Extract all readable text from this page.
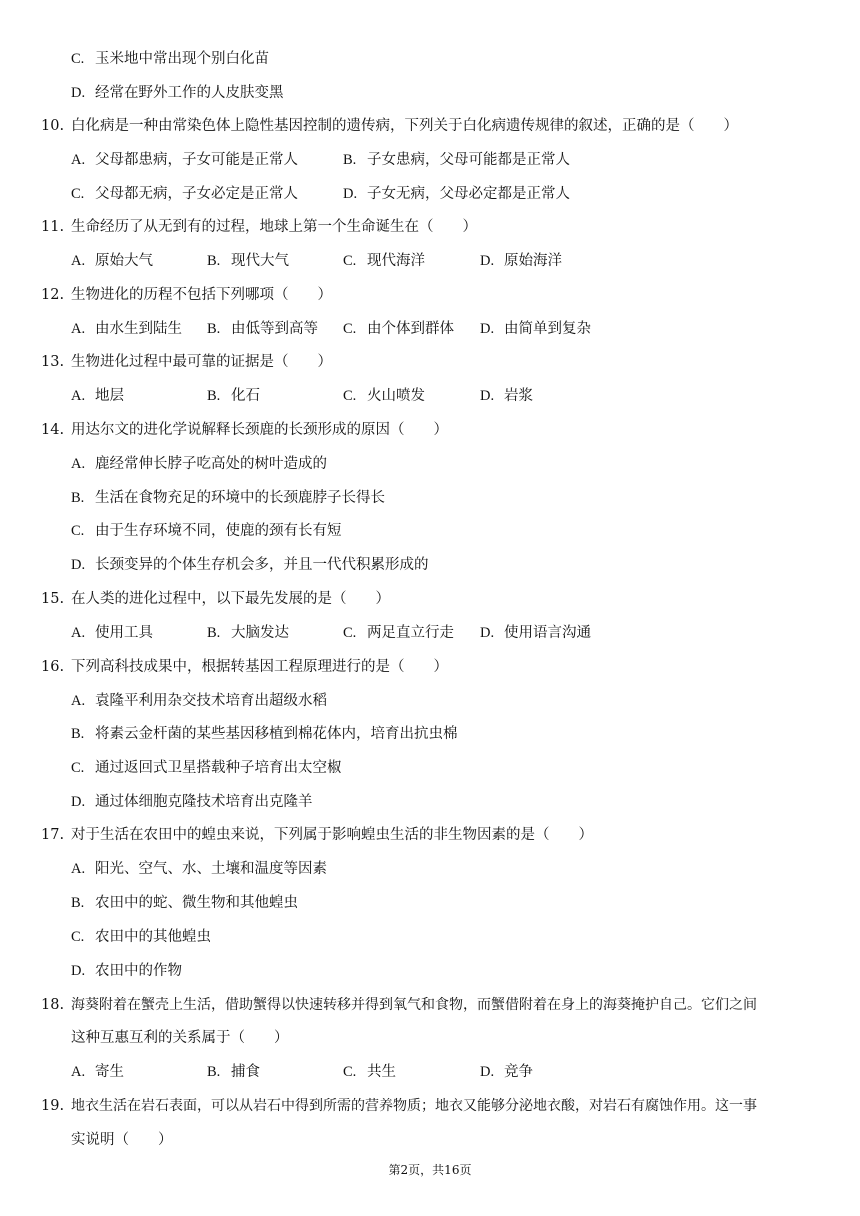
C. 玉米地中常出现个别白化苗
D. 经常在野外工作的人皮肤变黑
10. 白化病是一种由常染色体上隐性基因控制的遗传病，下列关于白化病遗传规律的叙述，正确的是（　　）
A. 父母都患病，子女可能是正常人	B. 子女患病，父母可能都是正常人
C. 父母都无病，子女必定是正常人	D. 子女无病，父母必定都是正常人
11. 生命经历了从无到有的过程，地球上第一个生命诞生在（　　）
A. 原始大气	B. 现代大气	C. 现代海洋	D. 原始海洋
12. 生物进化的历程不包括下列哪项（　　）
A. 由水生到陆生 B. 由低等到高等 C. 由个体到群体 D. 由简单到复杂
13. 生物进化过程中最可靠的证据是（　　）
A. 地层	B. 化石	C. 火山喷发	D. 岩浆
14. 用达尔文的进化学说解释长颈鹿的长颈形成的原因（　　）
A. 鹿经常伸长脖子吃高处的树叶造成的
B. 生活在食物充足的环境中的长颈鹿脖子长得长
C. 由于生存环境不同，使鹿的颈有长有短
D. 长颈变异的个体生存机会多，并且一代代积累形成的
15. 在人类的进化过程中，以下最先发展的是（　　）
A. 使用工具	B. 大脑发达	C. 两足直立行走 D. 使用语言沟通
16. 下列高科技成果中，根据转基因工程原理进行的是（　　）
A. 袁隆平利用杂交技术培育出超级水稻
B. 将素云金杆菌的某些基因移植到棉花体内，培育出抗虫棉
C. 通过返回式卫星搭载种子培育出太空椒
D. 通过体细胞克隆技术培育出克隆羊
17. 对于生活在农田中的蝗虫来说，下列属于影响蝗虫生活的非生物因素的是（　　）
A. 阳光、空气、水、土壤和温度等因素
B. 农田中的蛇、微生物和其他蝗虫
C. 农田中的其他蝗虫
D. 农田中的作物
18. 海葵附着在蟹壳上生活，借助蟹得以快速转移并得到氧气和食物，而蟹借附着在身上的海葵掩护自己。它们之间
这种互惠互利的关系属于（　　）
A. 寄生	B. 捕食	C. 共生	D. 竞争
19. 地衣生活在岩石表面，可以从岩石中得到所需的营养物质；地衣又能够分泌地衣酸，对岩石有腐蚀作用。这一事
实说明（　　）
第2页，共16页
